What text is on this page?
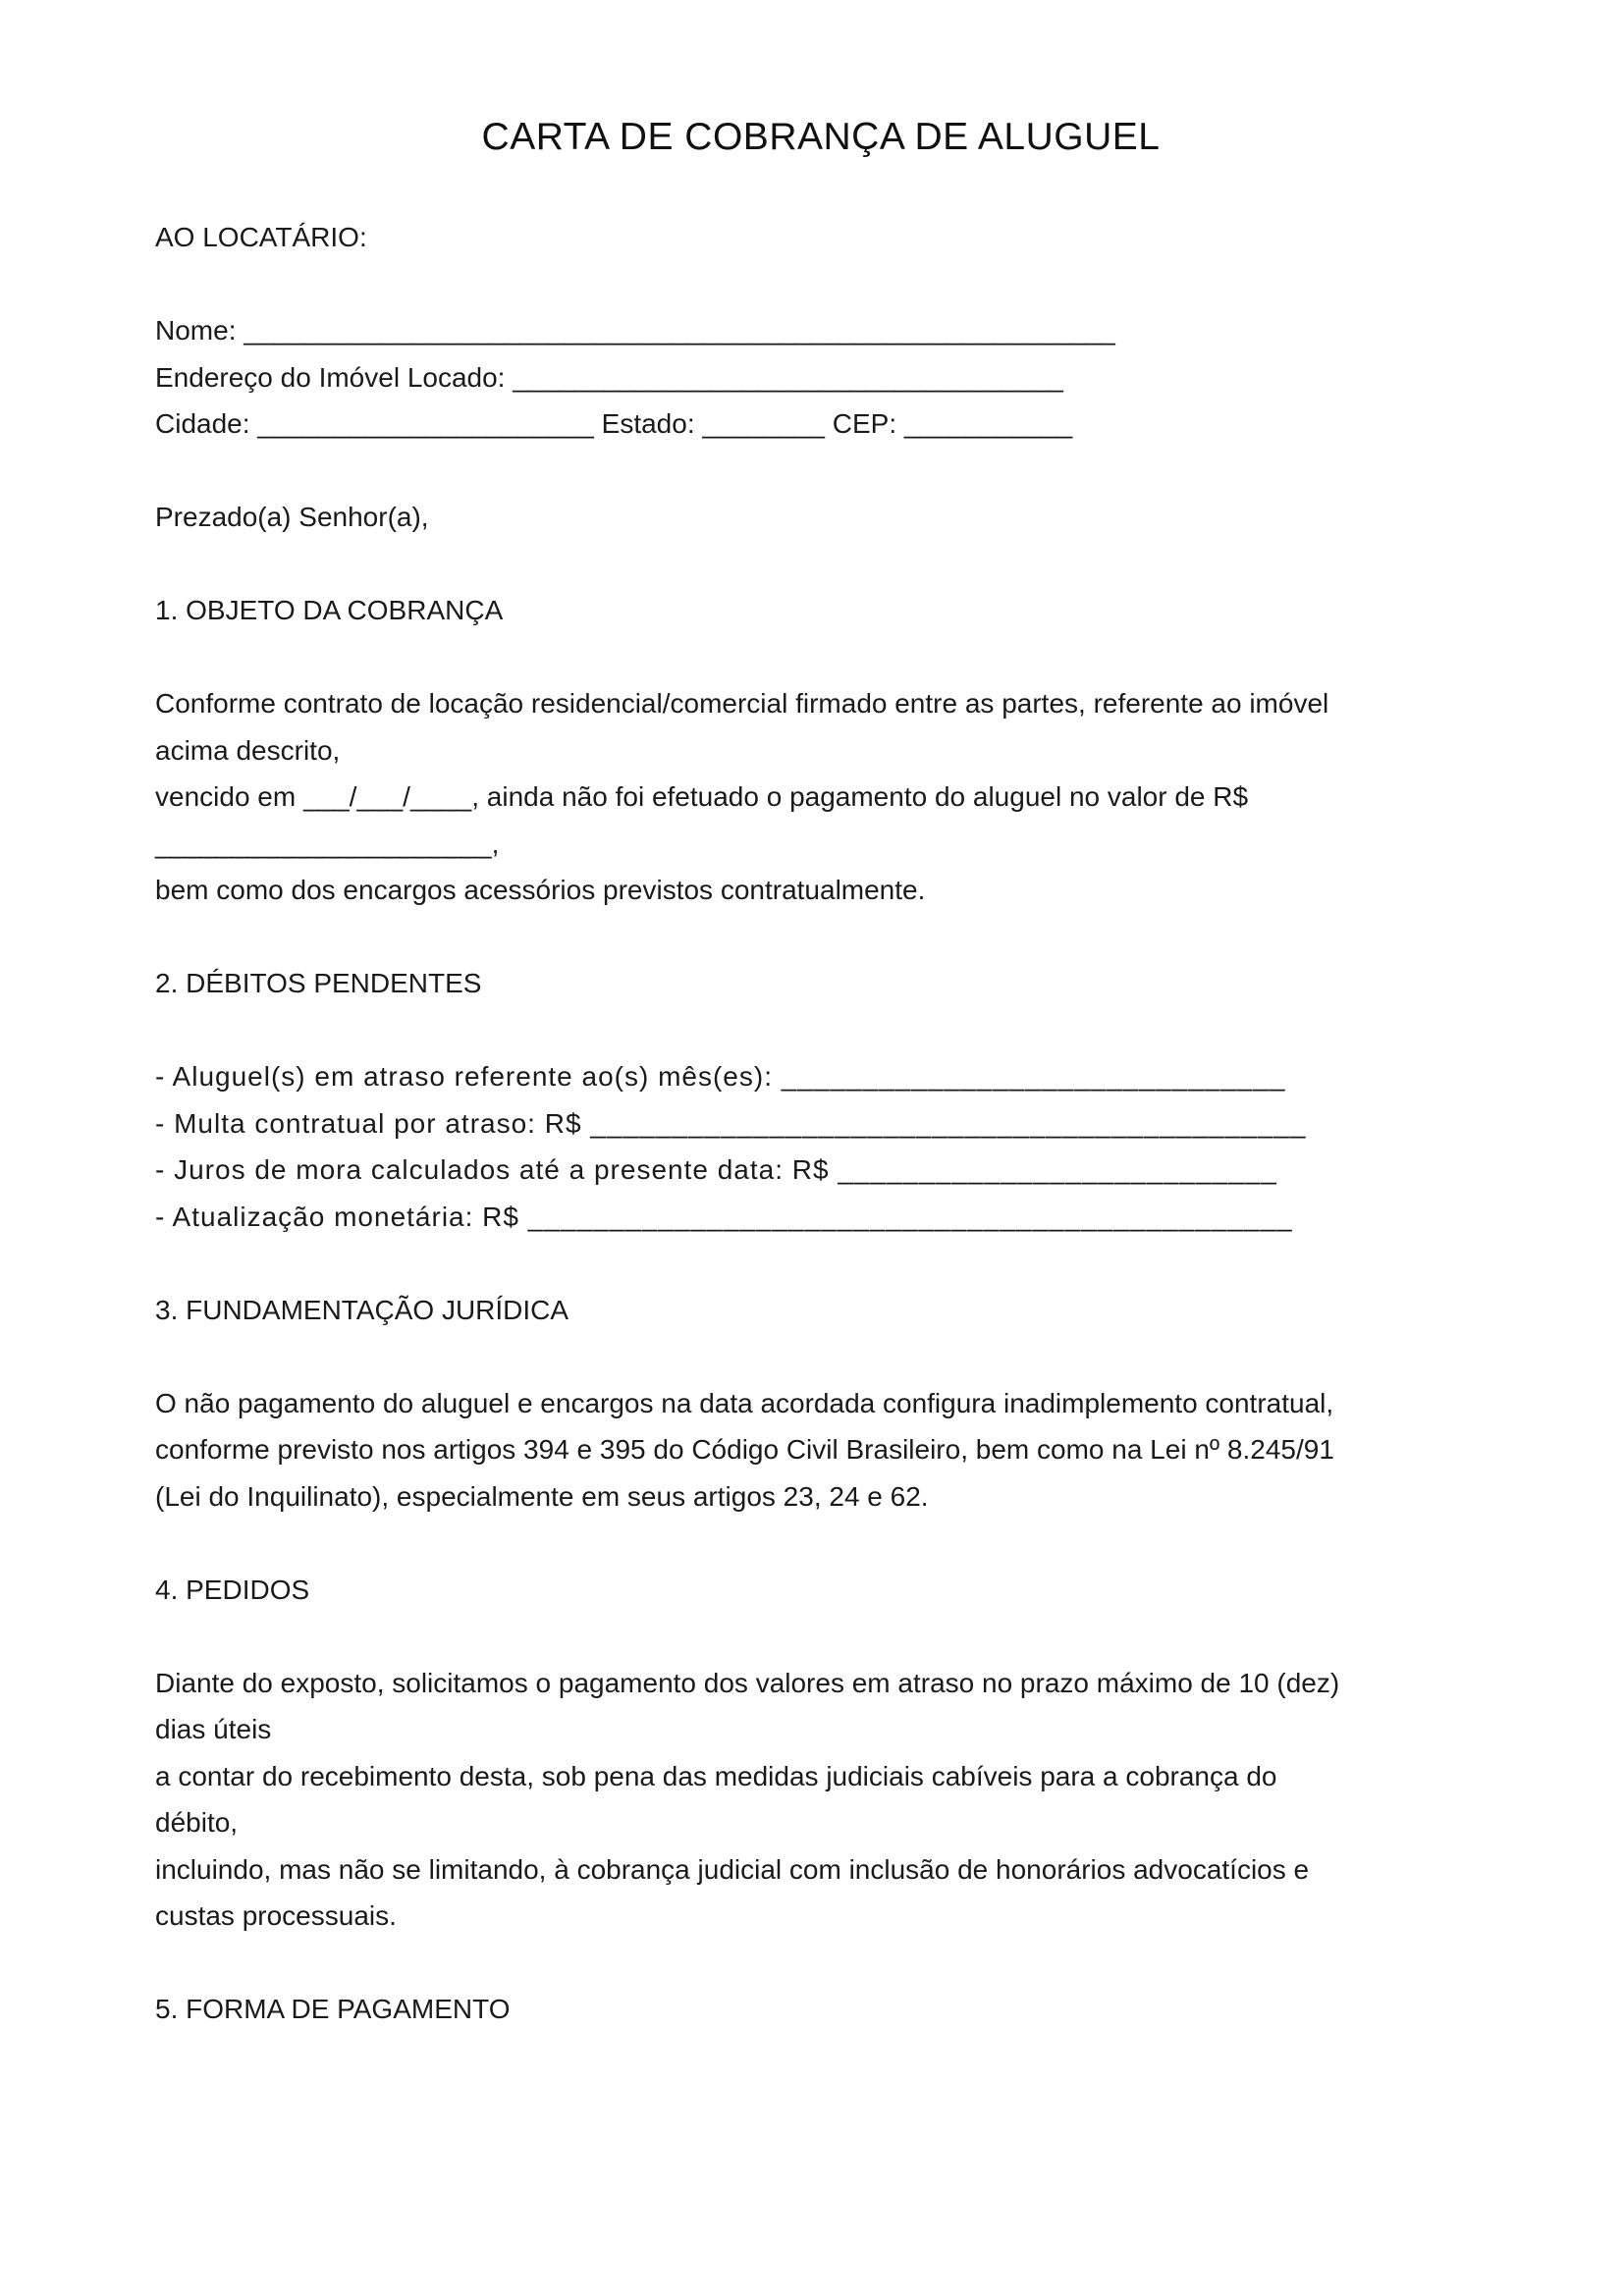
CARTA DE COBRANÇA DE ALUGUEL
AO LOCATÁRIO:
Nome: _________________________________________________________
Endereço do Imóvel Locado: ____________________________________
Cidade: ______________________ Estado: ________ CEP: ___________
Prezado(a) Senhor(a),
1. OBJETO DA COBRANÇA
Conforme contrato de locação residencial/comercial firmado entre as partes, referente ao imóvel
acima descrito,
vencido em ___/___/____, ainda não foi efetuado o pagamento do aluguel no valor de R$
______________________,
bem como dos encargos acessórios previstos contratualmente.
2. DÉBITOS PENDENTES
- Aluguel(s) em atraso referente ao(s) mês(es): _______________________________
- Multa contratual por atraso: R$ ____________________________________________
- Juros de mora calculados até a presente data: R$ ___________________________
- Atualização monetária: R$ _______________________________________________
3. FUNDAMENTAÇÃO JURÍDICA
O não pagamento do aluguel e encargos na data acordada configura inadimplemento contratual,
conforme previsto nos artigos 394 e 395 do Código Civil Brasileiro, bem como na Lei nº 8.245/91
(Lei do Inquilinato), especialmente em seus artigos 23, 24 e 62.
4. PEDIDOS
Diante do exposto, solicitamos o pagamento dos valores em atraso no prazo máximo de 10 (dez)
dias úteis
a contar do recebimento desta, sob pena das medidas judiciais cabíveis para a cobrança do
débito,
incluindo, mas não se limitando, à cobrança judicial com inclusão de honorários advocatícios e
custas processuais.
5. FORMA DE PAGAMENTO
